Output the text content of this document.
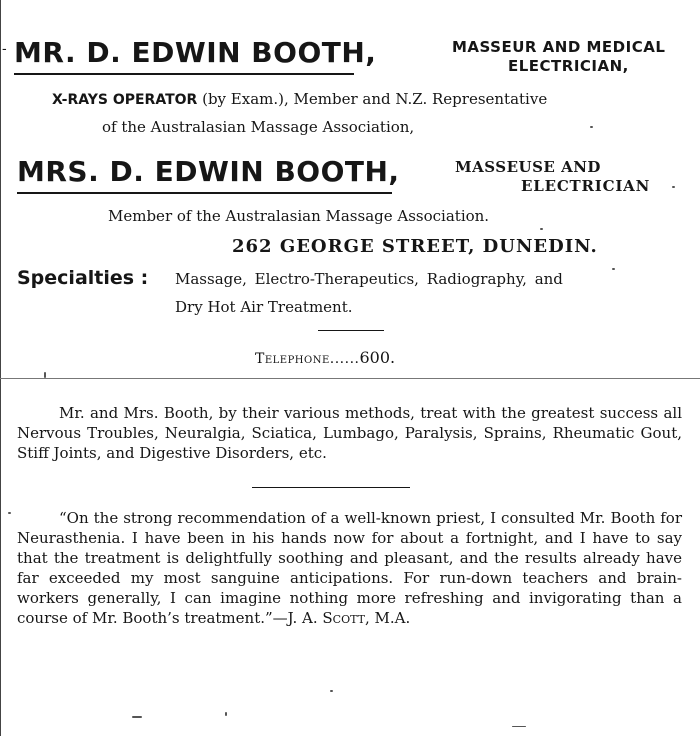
- MR. D. EDWIN BOOTH,	MASSEUR AND MEDICAL
ELECTRICIAN,
X-RAYS OPERATOR (by Exam.), Member and N.Z. Representative
of the Australasian Massage Association,
MRS. D. EDWIN BOOTH,	MASSEUSE AND
ELECTRICIAN
Member of the Australasian Massage Association.
262 GEORGE STREET, DUNEDIN.
Specialties : Massage, Electro-Therapeutics, Radiography, and
Dry Hot Air Treatment.
Telephone......600.
Mr. and Mrs. Booth, by their various methods, treat with the greatest success all Nervous Troubles, Neuralgia, Sciatica, Lumbago, Paralysis, Sprains, Rheumatic Gout, Stiff Joints, and Digestive Disorders, etc.
“On the strong recommendation of a well-known priest, I consulted Mr. Booth for Neurasthenia. I have been in his hands now for about a fortnight, and I have to say that the treatment is delightfully soothing and pleasant, and the results already have far exceeded my most sanguine anticipations. For run-down teachers and brain-workers generally, I can imagine nothing more refreshing and invigorating than a course of Mr. Booth’s treatment.”—J. A. Scott, M.A.
